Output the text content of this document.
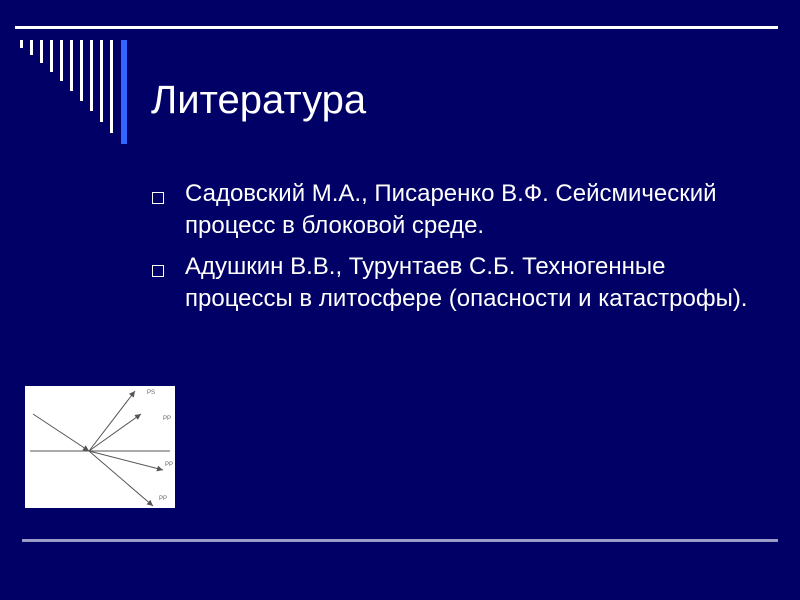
Литература
Садовский М.А., Писаренко В.Ф. Сейсмический процесс в блоковой среде.
Адушкин В.В., Турунтаев С.Б. Техногенные процессы в литосфере (опасности и катастрофы).
PS
PP
PP
PP
